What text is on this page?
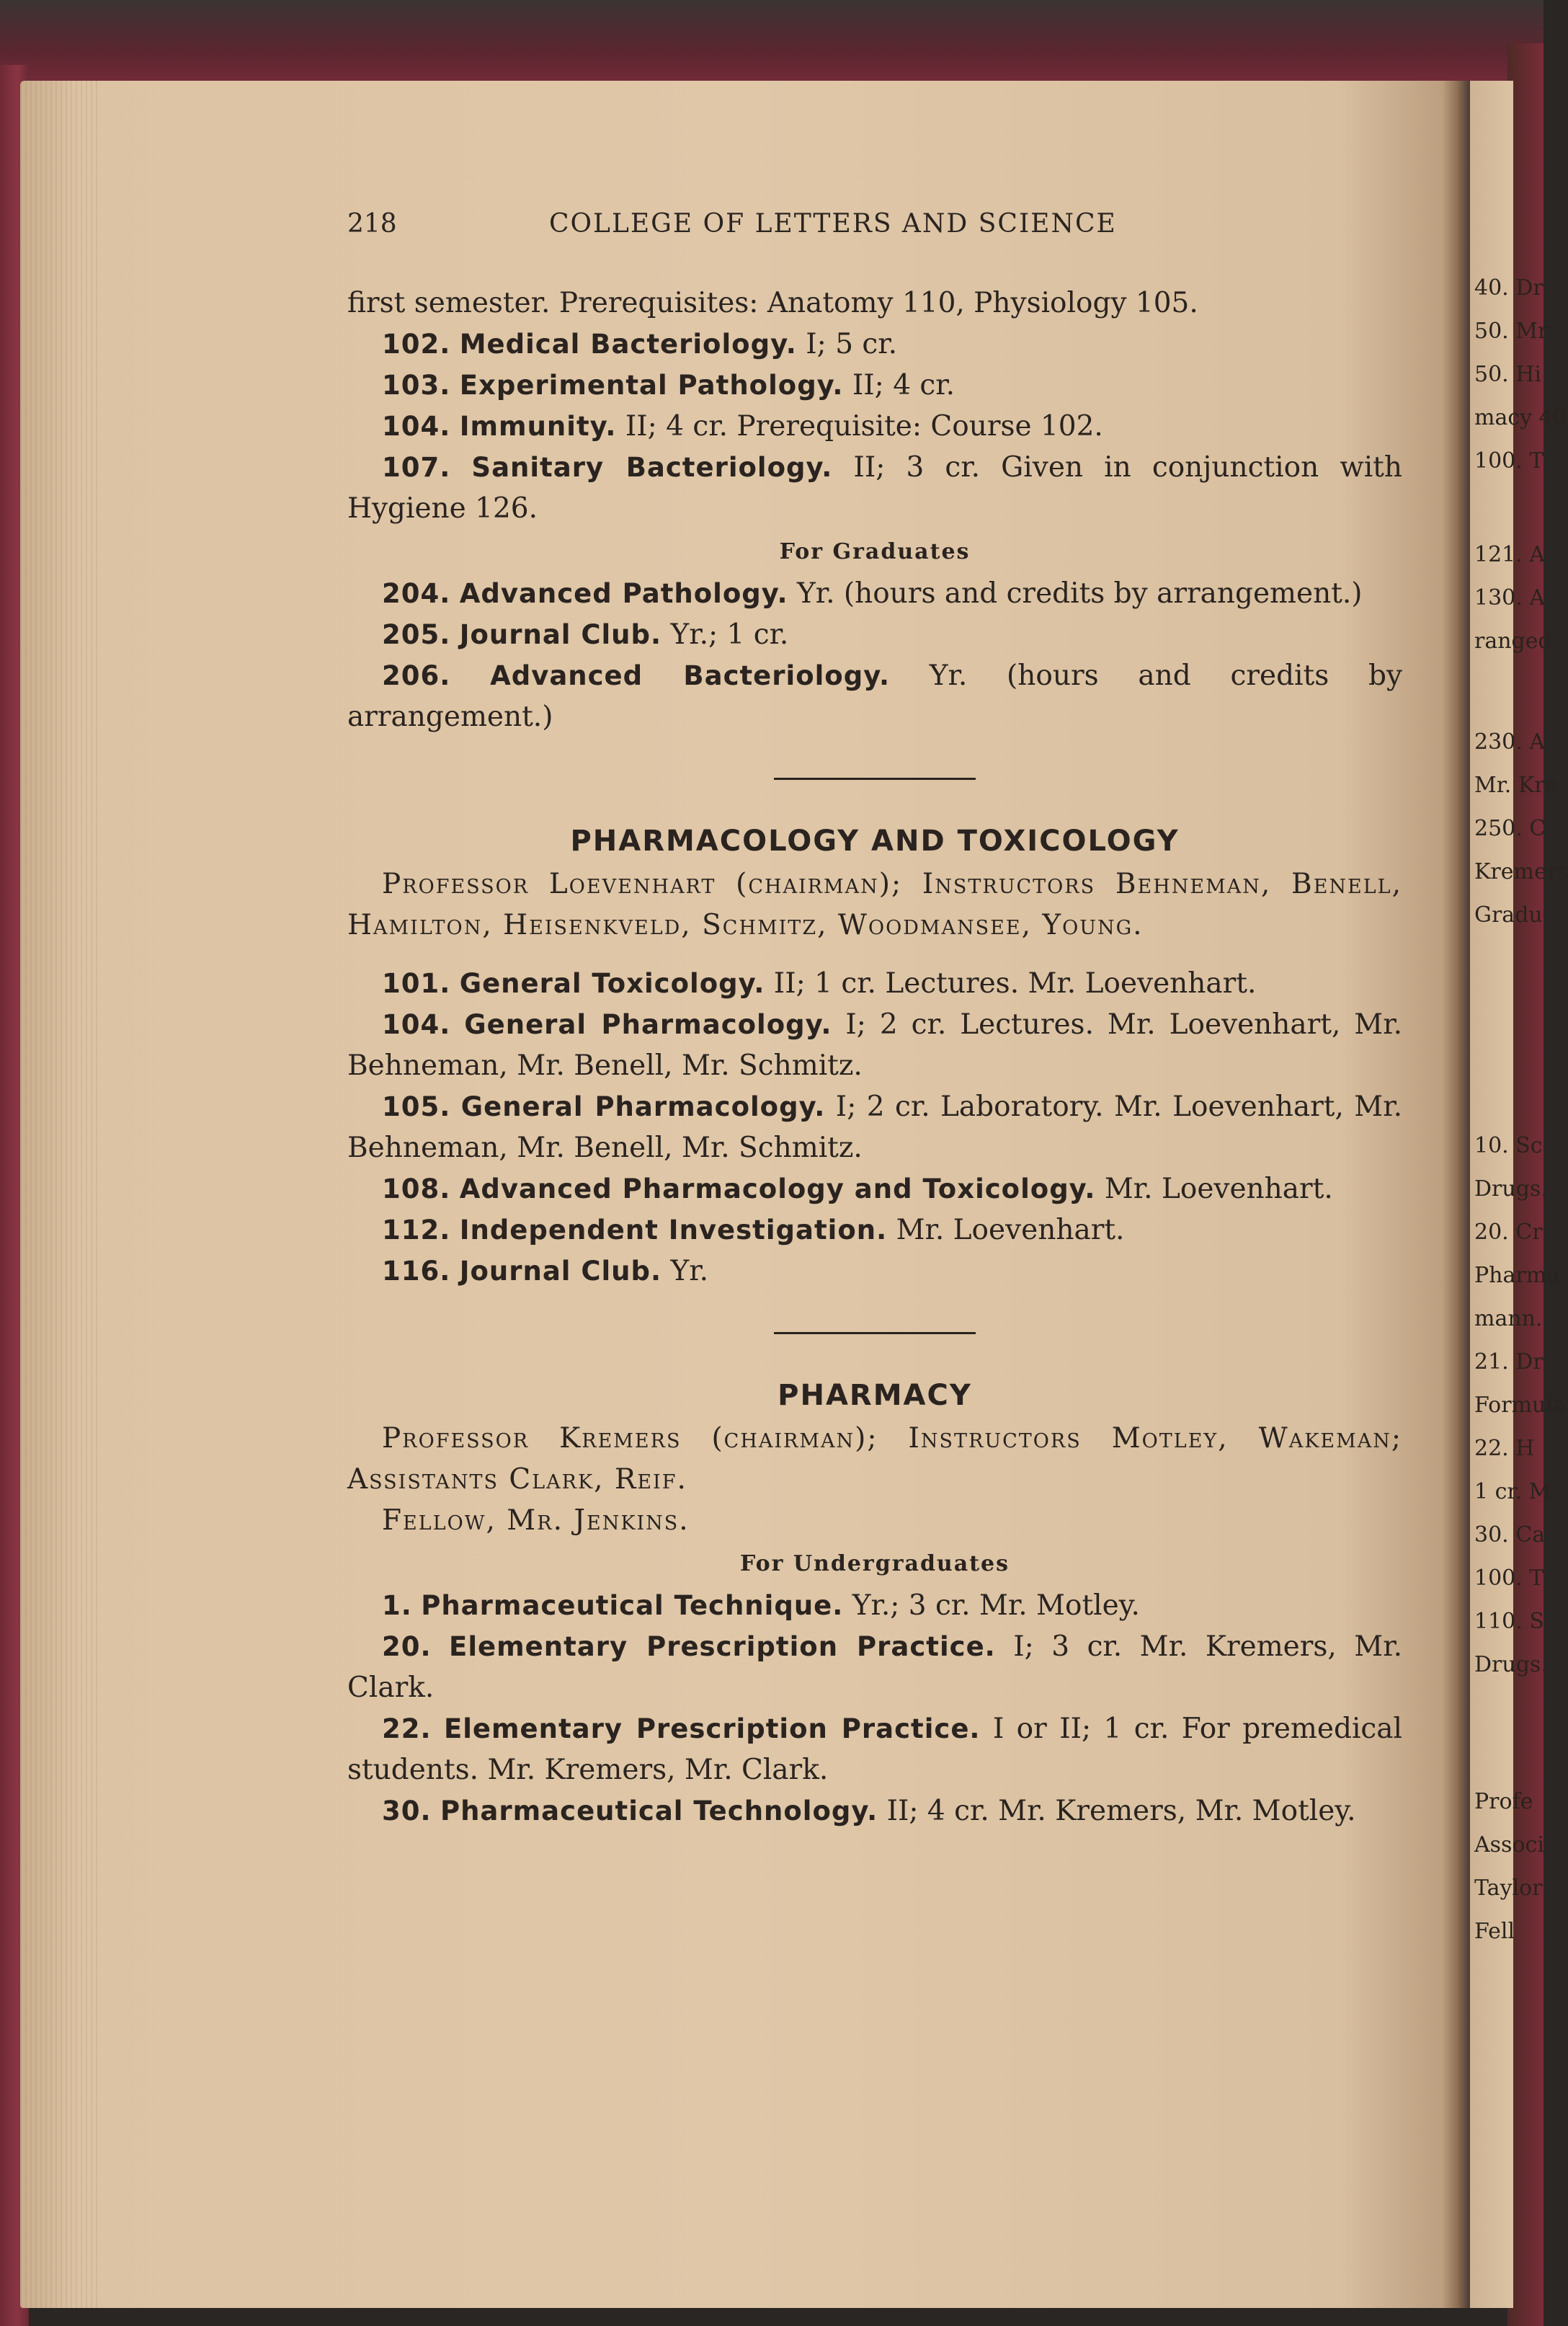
40. Dr
50. Mr.
50. Hi
macy 40
100. T
121. A
130. A
ranged.
230. A
Mr. Kre
250. C
Kremers
Gradu
10. Sc
Drugs.
20. Cr
Pharma
mann.
21. Dr
Formula
22. H
1 cr. M
30. Ca
100. T
110. S
Drugs.
Profe
Associ
Taylor
Fell
218	COLLEGE OF LETTERS AND SCIENCE

first semester. Prerequisites: Anatomy 110, Physiology 105.

102. Medical Bacteriology. I; 5 cr.

103. Experimental Pathology. II; 4 cr.

104. Immunity. II; 4 cr. Prerequisite: Course 102.

107. Sanitary Bacteriology. II; 3 cr. Given in conjunction with Hygiene 126.

For Graduates

204. Advanced Pathology. Yr. (hours and credits by arrangement.)

205. Journal Club. Yr.; 1 cr.

206. Advanced Bacteriology. Yr. (hours and credits by arrangement.)

PHARMACOLOGY AND TOXICOLOGY

Professor Loevenhart (chairman); Instructors Behneman, Benell, Hamilton, Heisenkveld, Schmitz, Woodmansee, Young.

101. General Toxicology. II; 1 cr. Lectures. Mr. Loevenhart.

104. General Pharmacology. I; 2 cr. Lectures. Mr. Loevenhart, Mr. Behneman, Mr. Benell, Mr. Schmitz.

105. General Pharmacology. I; 2 cr. Laboratory. Mr. Loevenhart, Mr. Behneman, Mr. Benell, Mr. Schmitz.

108. Advanced Pharmacology and Toxicology. Mr. Loevenhart.

112. Independent Investigation. Mr. Loevenhart.

116. Journal Club. Yr.

PHARMACY

Professor Kremers (chairman); Instructors Motley, Wakeman; Assistants Clark, Reif.

Fellow, Mr. Jenkins.

For Undergraduates

1. Pharmaceutical Technique. Yr.; 3 cr. Mr. Motley.

20. Elementary Prescription Practice. I; 3 cr. Mr. Kremers, Mr. Clark.

22. Elementary Prescription Practice. I or II; 1 cr. For premedical students. Mr. Kremers, Mr. Clark.

30. Pharmaceutical Technology. II; 4 cr. Mr. Kremers, Mr. Motley.
